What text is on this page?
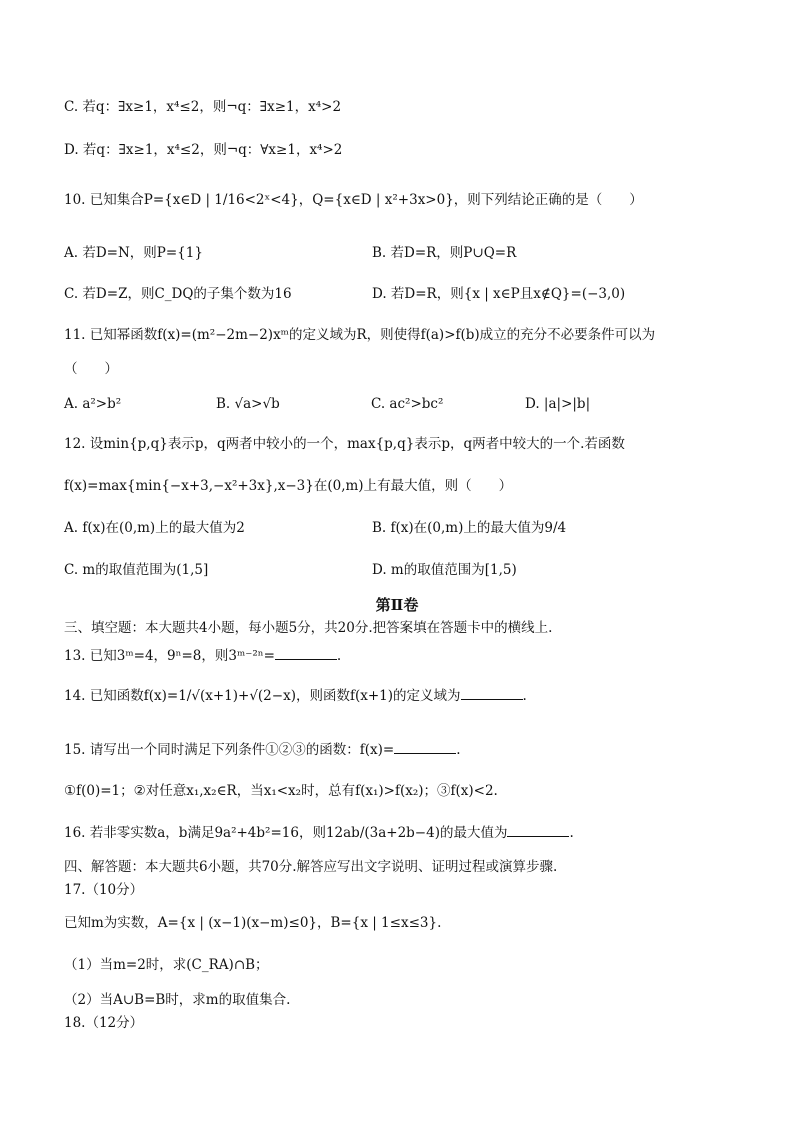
C. 若q：∃x≥1，x⁴≤2，则¬q：∃x≥1，x⁴>2
D. 若q：∃x≥1，x⁴≤2，则¬q：∀x≥1，x⁴>2
10. 已知集合P={x∈D | 1/16<2ˣ<4}，Q={x∈D | x²+3x>0}，则下列结论正确的是（　　）
A. 若D=N，则P={1}	B. 若D=R，则P∪Q=R
C. 若D=Z，则C_DQ的子集个数为16	D. 若D=R，则{x | x∈P且x∉Q}=(−3,0)
11. 已知幂函数f(x)=(m²−2m−2)xᵐ的定义域为R，则使得f(a)>f(b)成立的充分不必要条件可以为
（　　）
A. a²>b²	B. √a>√b	C. ac²>bc²	D. |a|>|b|
12. 设min{p,q}表示p，q两者中较小的一个，max{p,q}表示p，q两者中较大的一个.若函数
f(x)=max{min{−x+3,−x²+3x},x−3}在(0,m)上有最大值，则（　　）
A. f(x)在(0,m)上的最大值为2	B. f(x)在(0,m)上的最大值为9/4
C. m的取值范围为(1,5]	D. m的取值范围为[1,5)
第Ⅱ卷
三、填空题：本大题共4小题，每小题5分，共20分.把答案填在答题卡中的横线上.
13. 已知3ᵐ=4，9ⁿ=8，则3ᵐ⁻²ⁿ=	.
14. 已知函数f(x)=1/√(x+1)+√(2−x)，则函数f(x+1)的定义域为	.
15. 请写出一个同时满足下列条件①②③的函数：f(x)=	.
①f(0)=1；②对任意x₁,x₂∈R，当x₁<x₂时，总有f(x₁)>f(x₂)；③f(x)<2.
16. 若非零实数a，b满足9a²+4b²=16，则12ab/(3a+2b−4)的最大值为	.
四、解答题：本大题共6小题，共70分.解答应写出文字说明、证明过程或演算步骤.
17.（10分）
已知m为实数，A={x | (x−1)(x−m)≤0}，B={x | 1≤x≤3}.
（1）当m=2时，求(C_RA)∩B；
（2）当A∪B=B时，求m的取值集合.
18.（12分）
